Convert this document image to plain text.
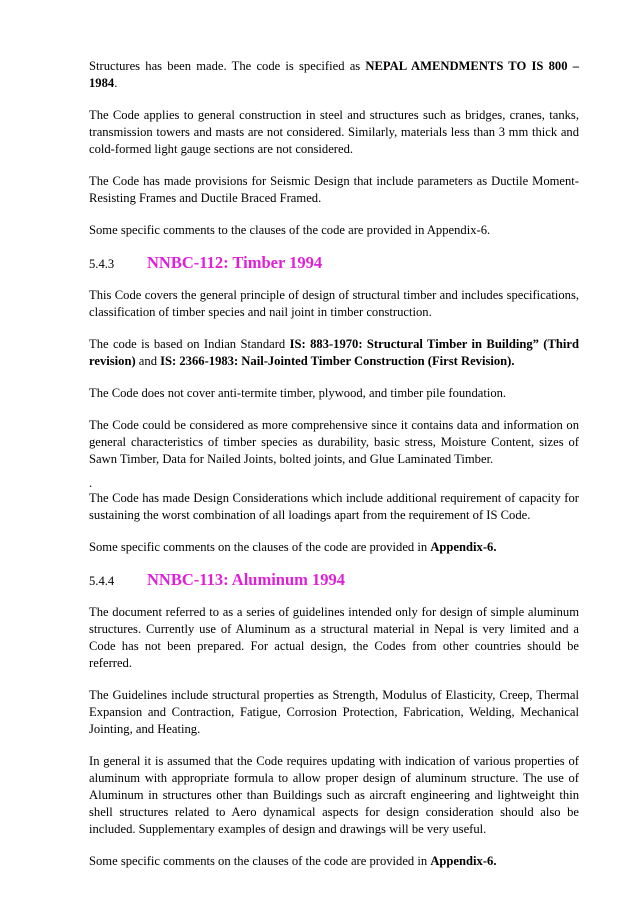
Structures has been made. The code is specified as NEPAL AMENDMENTS TO IS 800 – 1984.

The Code applies to general construction in steel and structures such as bridges, cranes, tanks, transmission towers and masts are not considered. Similarly, materials less than 3 mm thick and cold-formed light gauge sections are not considered.

The Code has made provisions for Seismic Design that include parameters as Ductile Moment-Resisting Frames and Ductile Braced Framed.

Some specific comments to the clauses of the code are provided in Appendix-6.

5.4.3	NNBC-112: Timber 1994

This Code covers the general principle of design of structural timber and includes specifications, classification of timber species and nail joint in timber construction.

The code is based on Indian Standard IS: 883-1970: Structural Timber in Building” (Third revision) and IS: 2366-1983: Nail-Jointed Timber Construction (First Revision).

The Code does not cover anti-termite timber, plywood, and timber pile foundation.

The Code could be considered as more comprehensive since it contains data and information on general characteristics of timber species as durability, basic stress, Moisture Content, sizes of Sawn Timber, Data for Nailed Joints, bolted joints, and Glue Laminated Timber.

.

The Code has made Design Considerations which include additional requirement of capacity for sustaining the worst combination of all loadings apart from the requirement of IS Code.

Some specific comments on the clauses of the code are provided in Appendix-6.

5.4.4	NNBC-113: Aluminum 1994

The document referred to as a series of guidelines intended only for design of simple aluminum structures. Currently use of Aluminum as a structural material in Nepal is very limited and a Code has not been prepared. For actual design, the Codes from other countries should be referred.

The Guidelines include structural properties as Strength, Modulus of Elasticity, Creep, Thermal Expansion and Contraction, Fatigue, Corrosion Protection, Fabrication, Welding, Mechanical Jointing, and Heating.

In general it is assumed that the Code requires updating with indication of various properties of aluminum with appropriate formula to allow proper design of aluminum structure. The use of Aluminum in structures other than Buildings such as aircraft engineering and lightweight thin shell structures related to Aero dynamical aspects for design consideration should also be included. Supplementary examples of design and drawings will be very useful.

Some specific comments on the clauses of the code are provided in Appendix-6.
